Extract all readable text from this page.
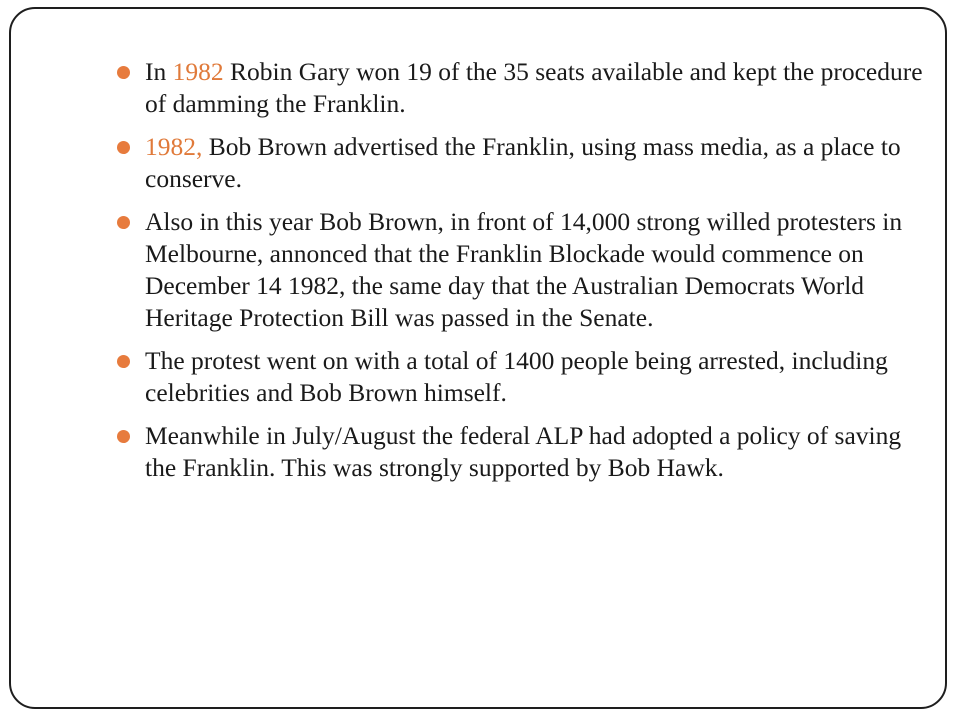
In 1982 Robin Gary won 19 of the 35 seats available and kept the procedure of damming the Franklin.
1982, Bob Brown advertised the Franklin, using mass media, as a place to conserve.
Also in this year Bob Brown, in front of 14,000 strong willed protesters in Melbourne, annonced that the Franklin Blockade would commence on December 14 1982, the same day that the Australian Democrats World Heritage Protection Bill was passed in the Senate.
The protest went on with a total of 1400 people being arrested, including celebrities and Bob Brown himself.
Meanwhile in July/August the federal ALP had adopted a policy of saving the Franklin. This was strongly supported by Bob Hawk.
